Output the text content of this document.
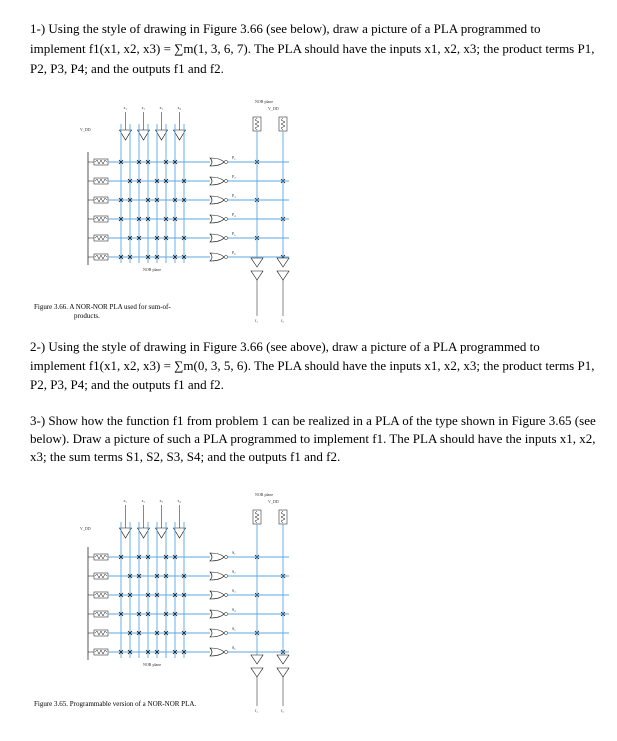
1-) Using the style of drawing in Figure 3.66 (see below), draw a picture of a PLA programmed to implement f1(x1, x2, x3) = ∑m(1, 3, 6, 7). The PLA should have the inputs x1, x2, x3; the product terms P1, P2, P3, P4; and the outputs f1 and f2.

V_DD
x₁	x₂	x₃	x₄
P₁
P₂
P₃
P₄
P₅
P₆
NOR plane
NOR plane
V_DD
f₁	f₂
Figure 3.66. A NOR-NOR PLA used for sum-of-
products.

2-) Using the style of drawing in Figure 3.66 (see above), draw a picture of a PLA programmed to implement f1(x1, x2, x3) = ∑m(0, 3, 5, 6). The PLA should have the inputs x1, x2, x3; the product terms P1, P2, P3, P4; and the outputs f1 and f2.

3-) Show how the function f1 from problem 1 can be realized in a PLA of the type shown in Figure 3.65 (see below). Draw a picture of such a PLA programmed to implement f1. The PLA should have the inputs x1, x2, x3; the sum terms S1, S2, S3, S4; and the outputs f1 and f2.

V_DD
x₁	x₂	x₃	x₄
S₁
S₂
S₃
S₄
S₅
S₆
NOR plane
NOR plane
V_DD
f₁	f₂
Figure 3.65. Programmable version of a NOR-NOR PLA.
